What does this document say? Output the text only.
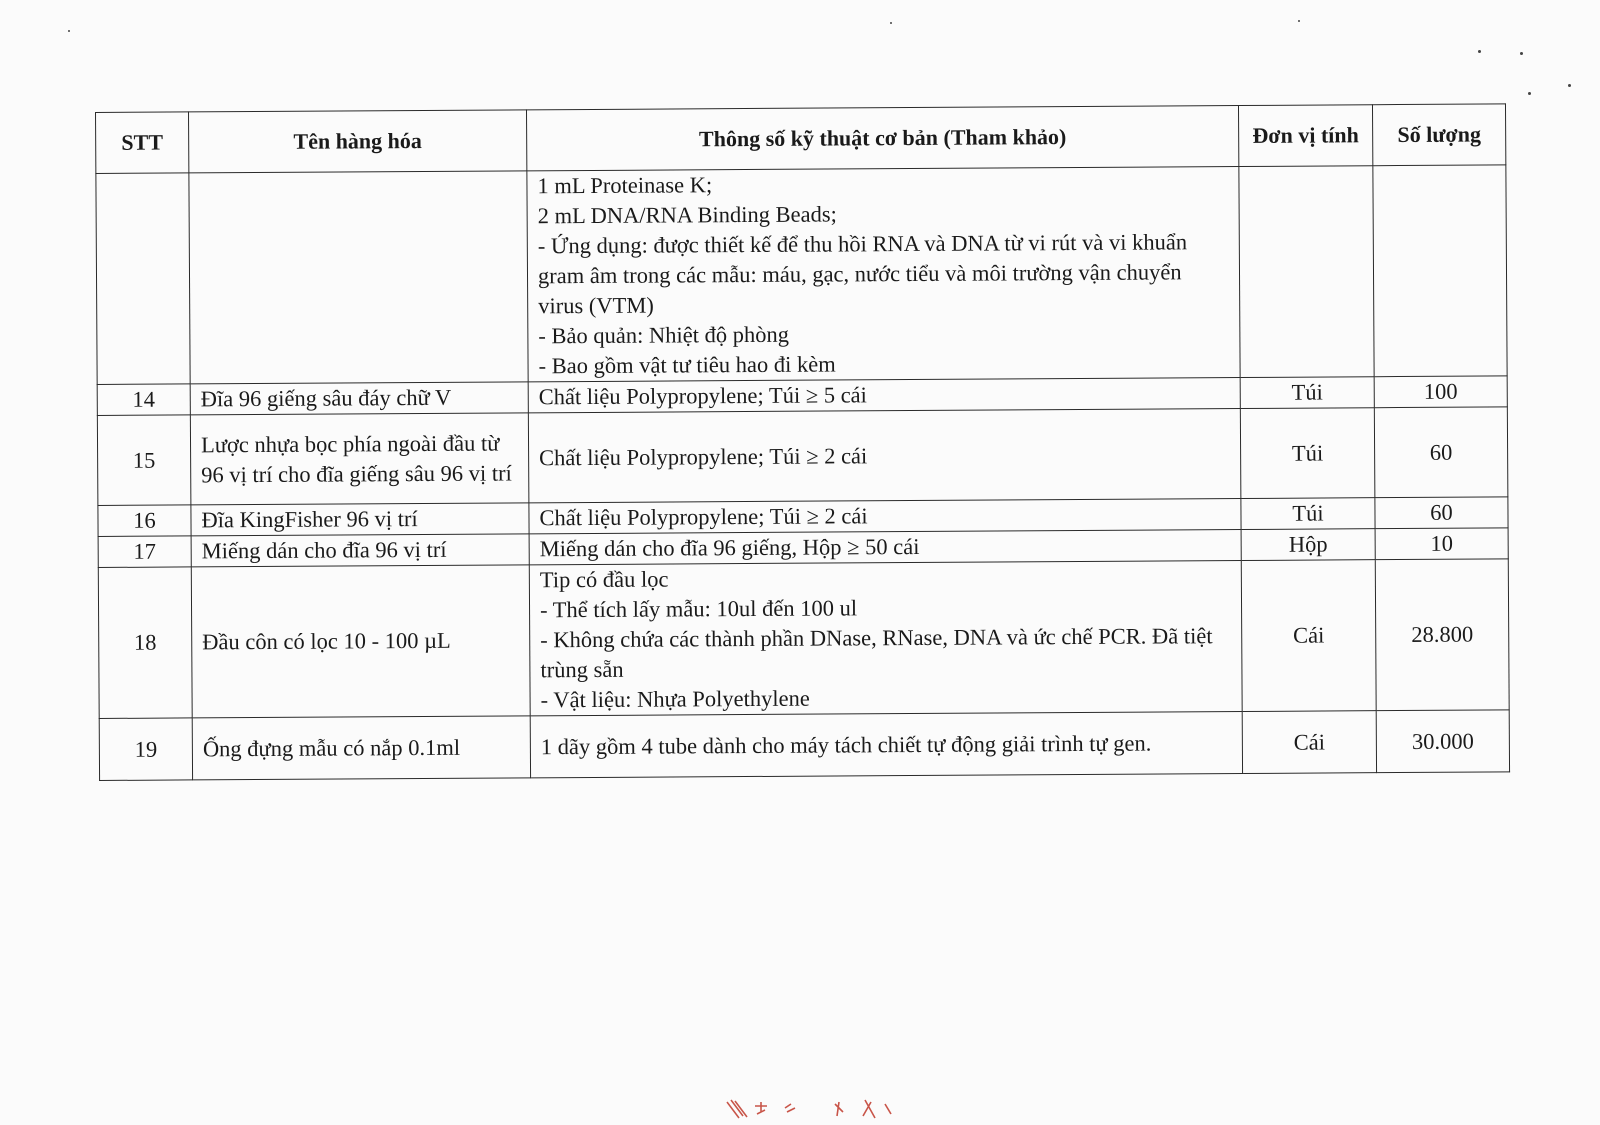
STT	Tên hàng hóa	Thông số kỹ thuật cơ bản (Tham khảo)	Đơn vị tính	Số lượng
		1 mL Proteinase K;
2 mL DNA/RNA Binding Beads;
- Ứng dụng: được thiết kế để thu hồi RNA và DNA từ vi rút và vi khuẩn gram âm trong các mẫu: máu, gạc, nước tiểu và môi trường vận chuyển virus (VTM)
- Bảo quản: Nhiệt độ phòng
- Bao gồm vật tư tiêu hao đi kèm		
14	Đĩa 96 giếng sâu đáy chữ V	Chất liệu Polypropylene; Túi ≥ 5 cái	Túi	100
15	Lược nhựa bọc phía ngoài đầu từ 96 vị trí cho đĩa giếng sâu 96 vị trí	Chất liệu Polypropylene; Túi ≥ 2 cái	Túi	60
16	Đĩa KingFisher 96 vị trí	Chất liệu Polypropylene; Túi ≥ 2 cái	Túi	60
17	Miếng dán cho đĩa 96 vị trí	Miếng dán cho đĩa 96 giếng, Hộp ≥ 50 cái	Hộp	10
18	Đầu côn có lọc 10 - 100 µL	Tip có đầu lọc
- Thể tích lấy mẫu: 10ul đến 100 ul
- Không chứa các thành phần DNase, RNase, DNA và ức chế PCR. Đã tiệt trùng sẵn
- Vật liệu: Nhựa Polyethylene	Cái	28.800
19	Ống đựng mẫu có nắp 0.1ml	1 dãy gồm 4 tube dành cho máy tách chiết tự động giải trình tự gen.	Cái	30.000
